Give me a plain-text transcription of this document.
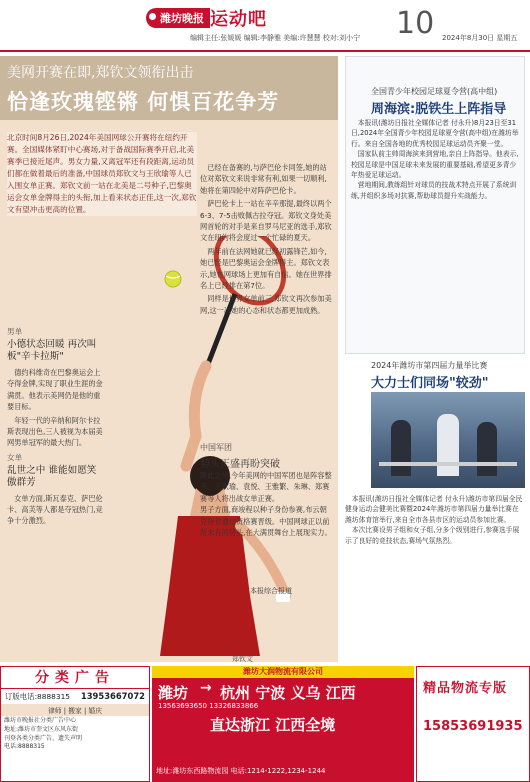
潍坊晚报 运动吧
编辑主任:张媛媛 编辑:李静雅 美编:许慧慧 校对:刘小宁 10 2024年8月30日 星期五
美网开赛在即,郑钦文领衔出击
恰逢玫瑰铿锵 何惧百花争芳
北京时间8月26日,2024年美国网球公开赛将在纽约开赛。全国媒体紧盯中心赛场,对于备战国际赛季开启,北美赛季已接近尾声。男女力量,又离冠军还有段距离,运动员们都在做着最后的准备,中国球员郑钦文与王欣瑜等人已入围女单正赛。郑钦文前一站在北美是二号种子,巴黎奥运会女单金牌得主的头衔,加上看来状态正佳,这一次,郑钦文有望冲击更高的位置。
郑钦文

已经在备赛的,与萨巴伦卡同签,她的站位对郑钦文来说非常有利,如果一切顺利,她将在第四轮中对阵萨巴伦卡。

萨巴伦卡上一站在辛辛那提,最终以两个6-3、7-5击败佩古拉夺冠。郑钦文身处美网首轮的对手是来自罗马尼亚的选手,郑钦文在纽约将会度过一个忙碌的夏天。

两年前在法网她就已经初露锋芒,如今,她已经是巴黎奥运会金牌得主。郑钦文表示,她在网球场上更加有自信。她在世界排名上已经排在第7位。

同样是世界女单前三,郑钦文再次参加美网,这一次她的心态和状态都更加成熟。

中国军团
势头正盛再盼突破

除此之外,今年美网的中国军团也是阵容整齐。王欣瑜、袁悦、王雅繁、朱琳、郑赛赛等人将出战女单正赛。

男子方面,商竣程以种子身份参赛,布云朝克特也通过资格赛晋级。中国网球正以前所未有的势头,在大满贯舞台上展现实力。

本报综合报道
男单
小德状态回暖 再次叫板"辛卡拉斯"

德约科维奇在巴黎奥运会上夺得金牌,实现了职业生涯的金满贯。他表示美网仍是他的重要目标。

年轻一代的辛纳和阿尔卡拉斯表现出色,三人被视为本届美网男单冠军的最大热门。

女单
乱世之中 谁能如愿笑傲群芳

女单方面,斯瓦泰克、萨巴伦卡、高芙等人都是夺冠热门,竞争十分激烈。

全国青少年校园足球夏令营(高中组)
周海滨:脱铁生上阵指导

本报讯(潍坊日报社全媒体记者 付永升)8月23日至31日,2024年全国青少年校园足球夏令营(高中组)在潍坊举行。来自全国各地的优秀校园足球运动员齐聚一堂。

国家队前主帅周海滨来到营地,亲自上阵指导。他表示,校园足球是中国足球未来发展的重要基础,希望更多青少年热爱足球运动。

营地期间,教练组针对球员的技战术特点开展了系统训练,并组织多场对抗赛,帮助球员提升实战能力。

2024年潍坊市第四届力量举比赛
大力士们同场"较劲"

本报讯(潍坊日报社全媒体记者 付永升)潍坊市第四届全民健身运动会健美比赛暨2024年潍坊市第四届力量举比赛在潍坊体育馆举行,来自全市各县市区的运动员参加比赛。

本次比赛设男子组和女子组,分多个级别进行,参赛选手展示了良好的竞技状态,赛场气氛热烈。

分类广告
订版电话:8888315 13953667072
律师 | 搬家 | 婚庆
潍坊市晚报社分类广告中心
地址:潍坊市奎文区东风东街
刊登各类分类广告、遗失声明
电话:8888315
潍坊大润物流有限公司
潍坊 → 杭州 宁波 义乌 江西
13563693650 13326833866
直达浙江 江西全境
地址:潍坊东西路物流园 电话:1214-1222,1234-1244
精品物流专版
15853691935
